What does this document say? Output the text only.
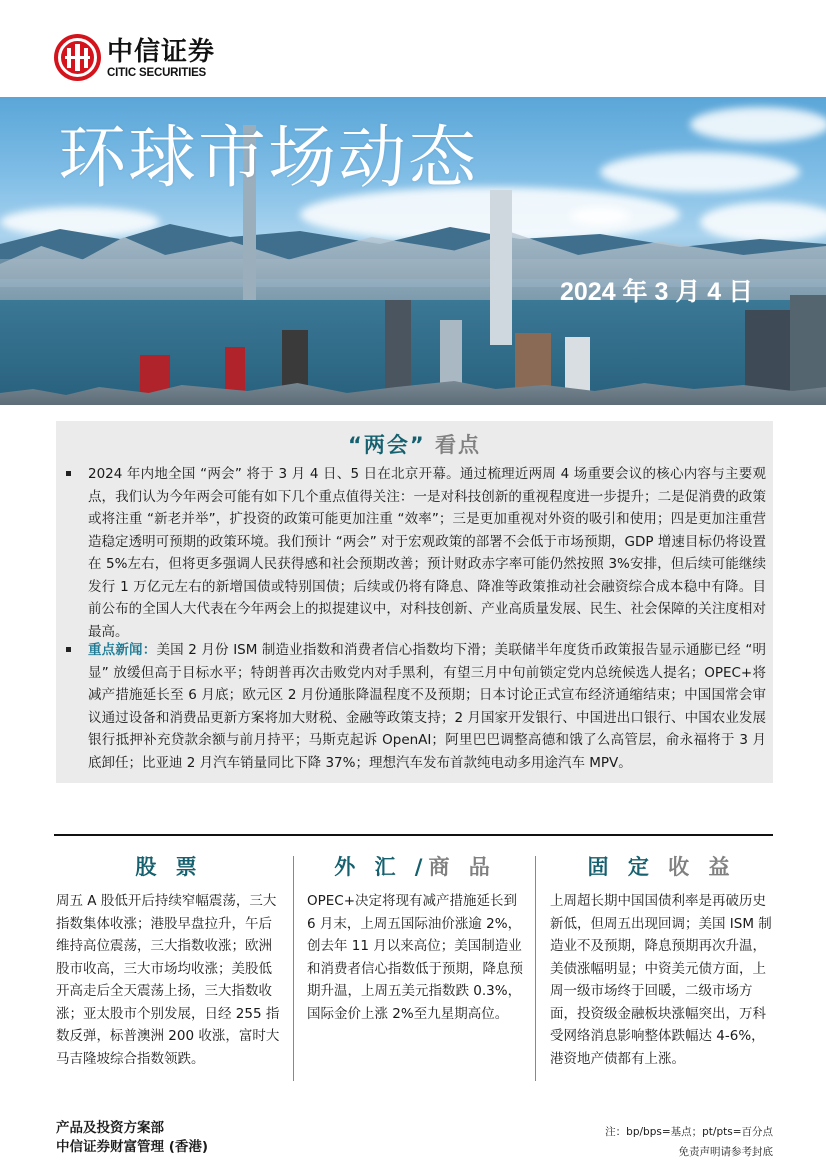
中信证券
CITIC SECURITIES
环球市场动态
2024 年 3 月 4 日
“两会” 看点
2024 年内地全国 “两会” 将于 3 月 4 日、5 日在北京开幕。通过梳理近两周 4 场重要会议的核心内容与主要观点，我们认为今年两会可能有如下几个重点值得关注：一是对科技创新的重视程度进一步提升；二是促消费的政策或将注重 “新老并举”，扩投资的政策可能更加注重 “效率”；三是更加重视对外资的吸引和使用；四是更加注重营造稳定透明可预期的政策环境。我们预计 “两会” 对于宏观政策的部署不会低于市场预期，GDP 增速目标仍将设置在 5%左右，但将更多强调人民获得感和社会预期改善；预计财政赤字率可能仍然按照 3%安排，但后续可能继续发行 1 万亿元左右的新增国债或特别国债；后续或仍将有降息、降准等政策推动社会融资综合成本稳中有降。目前公布的全国人大代表在今年两会上的拟提建议中，对科技创新、产业高质量发展、民生、社会保障的关注度相对最高。
重点新闻：美国 2 月份 ISM 制造业指数和消费者信心指数均下滑；美联储半年度货币政策报告显示通膨已经 “明显” 放缓但高于目标水平；特朗普再次击败党内对手黑利，有望三月中旬前锁定党内总统候选人提名；OPEC+将减产措施延长至 6 月底；欧元区 2 月份通胀降温程度不及预期；日本讨论正式宣布经济通缩结束；中国国常会审议通过设备和消费品更新方案将加大财税、金融等政策支持；2 月国家开发银行、中国进出口银行、中国农业发展银行抵押补充贷款余额与前月持平；马斯克起诉 OpenAI；阿里巴巴调整高德和饿了么高管层，俞永福将于 3 月底卸任；比亚迪 2 月汽车销量同比下降 37%；理想汽车发布首款纯电动多用途汽车 MPV。
股 票
周五 A 股低开后持续窄幅震荡，三大指数集体收涨；港股早盘拉升，午后维持高位震荡，三大指数收涨；欧洲股市收高，三大市场均收涨；美股低开高走后全天震荡上扬，三大指数收涨；亚太股市个别发展，日经 255 指数反弹，标普澳洲 200 收涨，富时大马吉隆坡综合指数领跌。
外 汇 /商 品
OPEC+决定将现有减产措施延长到 6 月末，上周五国际油价涨逾 2%，创去年 11 月以来高位；美国制造业和消费者信心指数低于预期，降息预期升温，上周五美元指数跌 0.3%，国际金价上涨 2%至九星期高位。
固 定 收 益
上周超长期中国国债利率是再破历史新低，但周五出现回调；美国 ISM 制造业不及预期，降息预期再次升温，美债涨幅明显；中资美元债方面，上周一级市场终于回暖，二级市场方面，投资级金融板块涨幅突出，万科受网络消息影响整体跌幅达 4-6%，港资地产债都有上涨。
产品及投资方案部
中信证券财富管理 (香港)
注：bp/bps=基点；pt/pts=百分点
免责声明请参考封底
